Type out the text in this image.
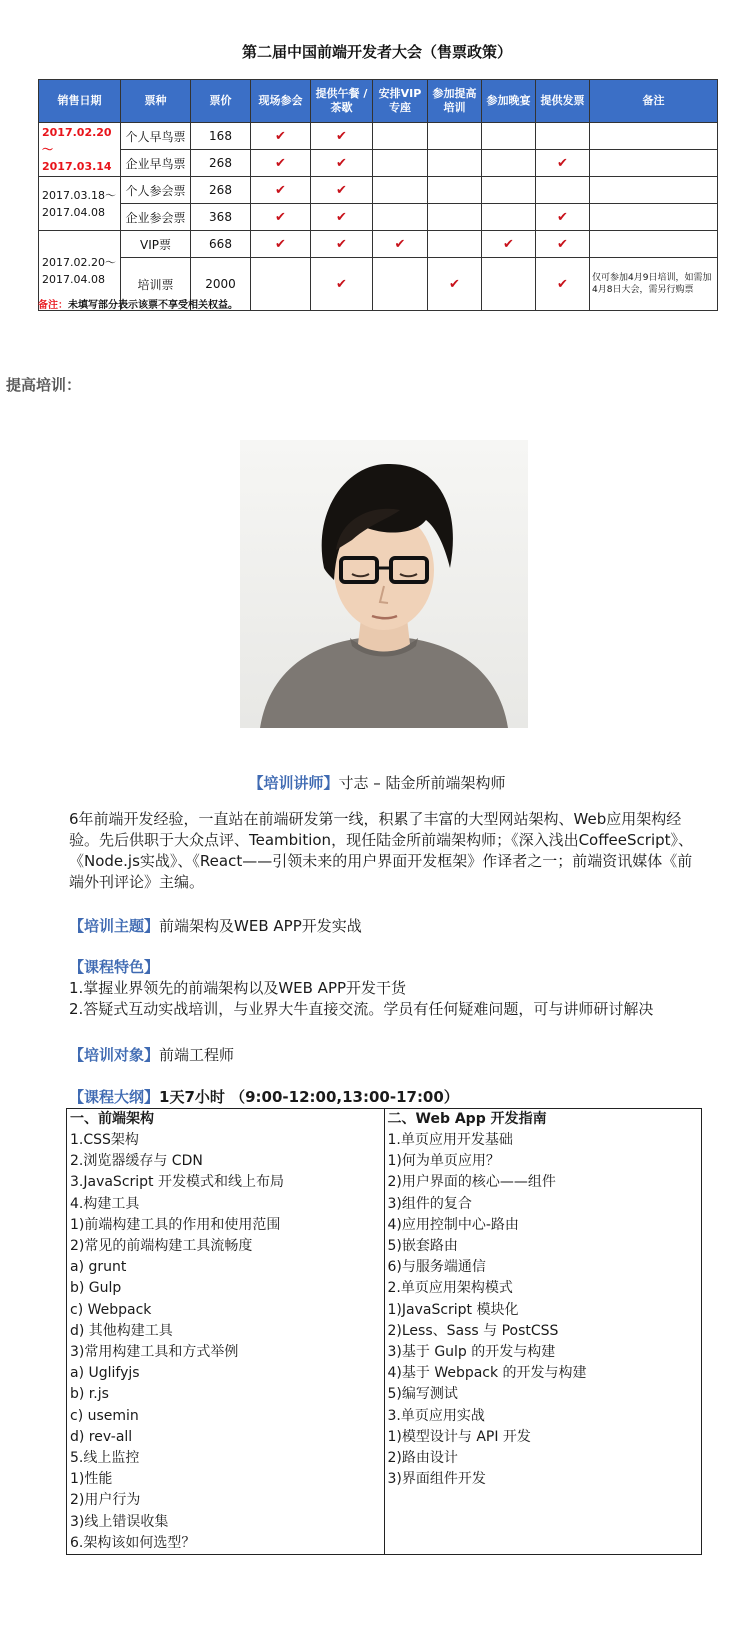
第二届中国前端开发者大会（售票政策）
销售日期	票种	票价	现场参会	提供午餐 / 茶歇	安排VIP专座	参加提高培训	参加晚宴	提供发票	备注
2017.02.20～2017.03.14	个人早鸟票	168	✔	✔					
	企业早鸟票	268	✔	✔				✔	
2017.03.18～2017.04.08	个人参会票	268	✔	✔					
	企业参会票	368	✔	✔				✔	
2017.02.20～2017.04.08	VIP票	668	✔	✔	✔		✔	✔	
	培训票	2000		✔		✔		✔	仅可参加4月9日培训，如需加4月8日大会，需另行购票
备注：未填写部分表示该票不享受相关权益。
提高培训：
【培训讲师】寸志 – 陆金所前端架构师
6年前端开发经验，一直站在前端研发第一线，积累了丰富的大型网站架构、Web应用架构经验。先后供职于大众点评、Teambition，现任陆金所前端架构师；《深入浅出CoffeeScript》、《Node.js实战》、《React——引领未来的用户界面开发框架》作译者之一；前端资讯媒体《前端外刊评论》主编。
【培训主题】前端架构及WEB APP开发实战
【课程特色】
1.掌握业界领先的前端架构以及WEB APP开发干货
2.答疑式互动实战培训，与业界大牛直接交流。学员有任何疑难问题，可与讲师研讨解决
【培训对象】前端工程师
【课程大纲】1天7小时 （9:00-12:00,13:00-17:00）
一、前端架构
1.CSS架构
2.浏览器缓存与 CDN
3.JavaScript 开发模式和线上布局
4.构建工具
1)前端构建工具的作用和使用范围
2)常见的前端构建工具流畅度
a) grunt
b) Gulp
c) Webpack
d) 其他构建工具
3)常用构建工具和方式举例
a) Uglifyjs
b) r.js
c) usemin
d) rev-all
5.线上监控
1)性能
2)用户行为
3)线上错误收集
6.架构该如何选型？

二、Web App 开发指南
1.单页应用开发基础
1)何为单页应用？
2)用户界面的核心——组件
3)组件的复合
4)应用控制中心-路由
5)嵌套路由
6)与服务端通信
2.单页应用架构模式
1)JavaScript 模块化
2)Less、Sass 与 PostCSS
3)基于 Gulp 的开发与构建
4)基于 Webpack 的开发与构建
5)编写测试
3.单页应用实战
1)模型设计与 API 开发
2)路由设计
3)界面组件开发
